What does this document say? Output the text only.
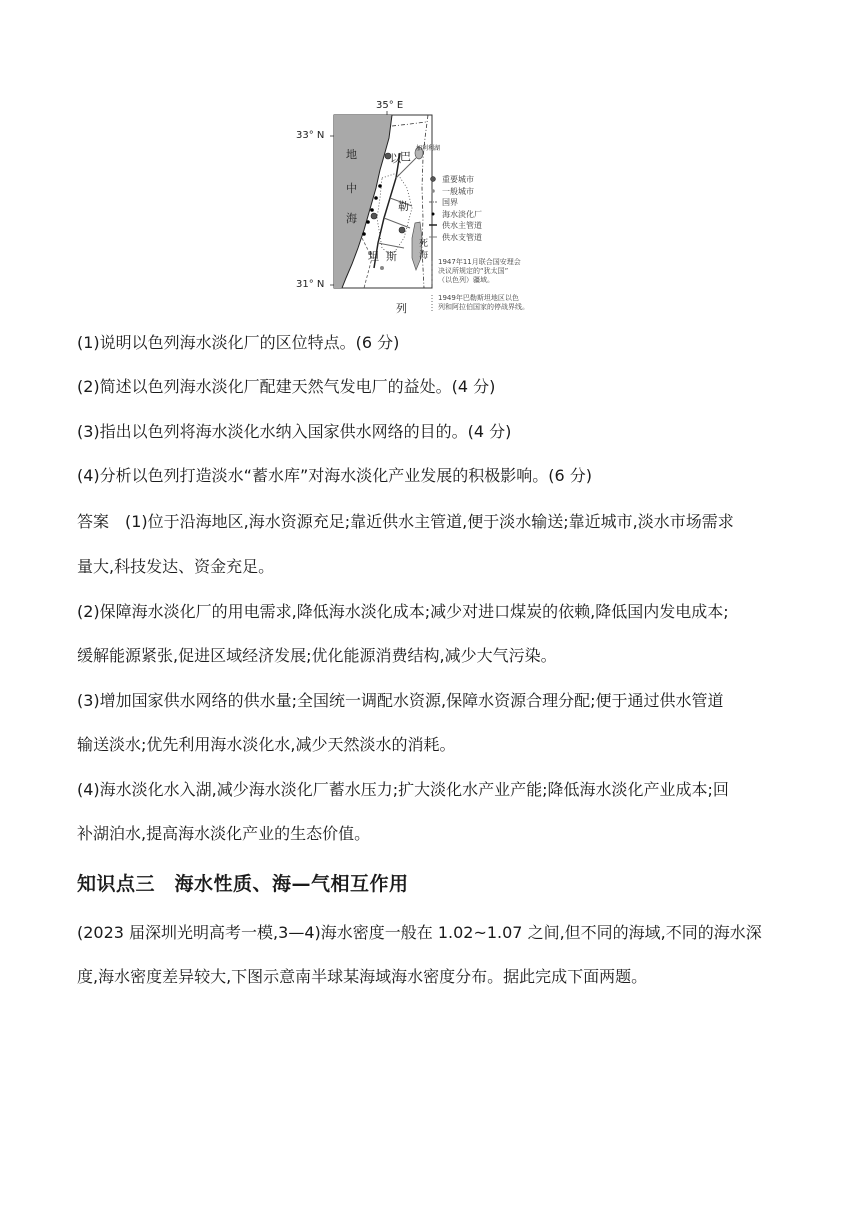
35° E
33° N
31° N
地
中
海
以 巴
勒
斯
坦
列
加利利湖
死
海
重要城市
一般城市
国界
海水淡化厂
供水主管道
供水支管道
1947年11月联合国安理会
决议所规定的“犹太国”
（以色列）疆域。
1949年巴勒斯坦地区以色
列和阿拉伯国家的停战界线。
(1)说明以色列海水淡化厂的区位特点。(6 分)
(2)简述以色列海水淡化厂配建天然气发电厂的益处。(4 分)
(3)指出以色列将海水淡化水纳入国家供水网络的目的。(4 分)
(4)分析以色列打造淡水“蓄水库”对海水淡化产业发展的积极影响。(6 分)
答案　(1)位于沿海地区,海水资源充足;靠近供水主管道,便于淡水输送;靠近城市,淡水市场需求
量大,科技发达、资金充足。
(2)保障海水淡化厂的用电需求,降低海水淡化成本;减少对进口煤炭的依赖,降低国内发电成本;
缓解能源紧张,促进区域经济发展;优化能源消费结构,减少大气污染。
(3)增加国家供水网络的供水量;全国统一调配水资源,保障水资源合理分配;便于通过供水管道
输送淡水;优先利用海水淡化水,减少天然淡水的消耗。
(4)海水淡化水入湖,减少海水淡化厂蓄水压力;扩大淡化水产业产能;降低海水淡化产业成本;回
补湖泊水,提高海水淡化产业的生态价值。
知识点三　海水性质、海—气相互作用
(2023 届深圳光明高考一模,3—4)海水密度一般在 1.02~1.07 之间,但不同的海域,不同的海水深
度,海水密度差异较大,下图示意南半球某海域海水密度分布。据此完成下面两题。
